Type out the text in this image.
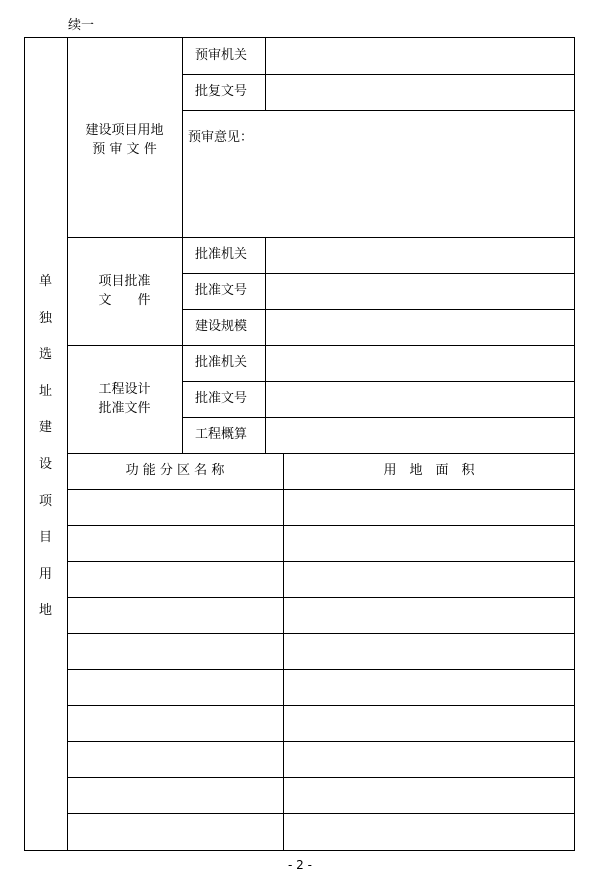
续一
单
独
选
址
建
设
项
目
用
地
建设项目用地
预 审 文 件
预审机关
批复文号
预审意见：
项目批准
文　　件
批准机关
批准文号
建设规模
工程设计
批准文件
批准机关
批准文号
工程概算
功 能 分 区 名 称	用　地　面　积
- 2 -
